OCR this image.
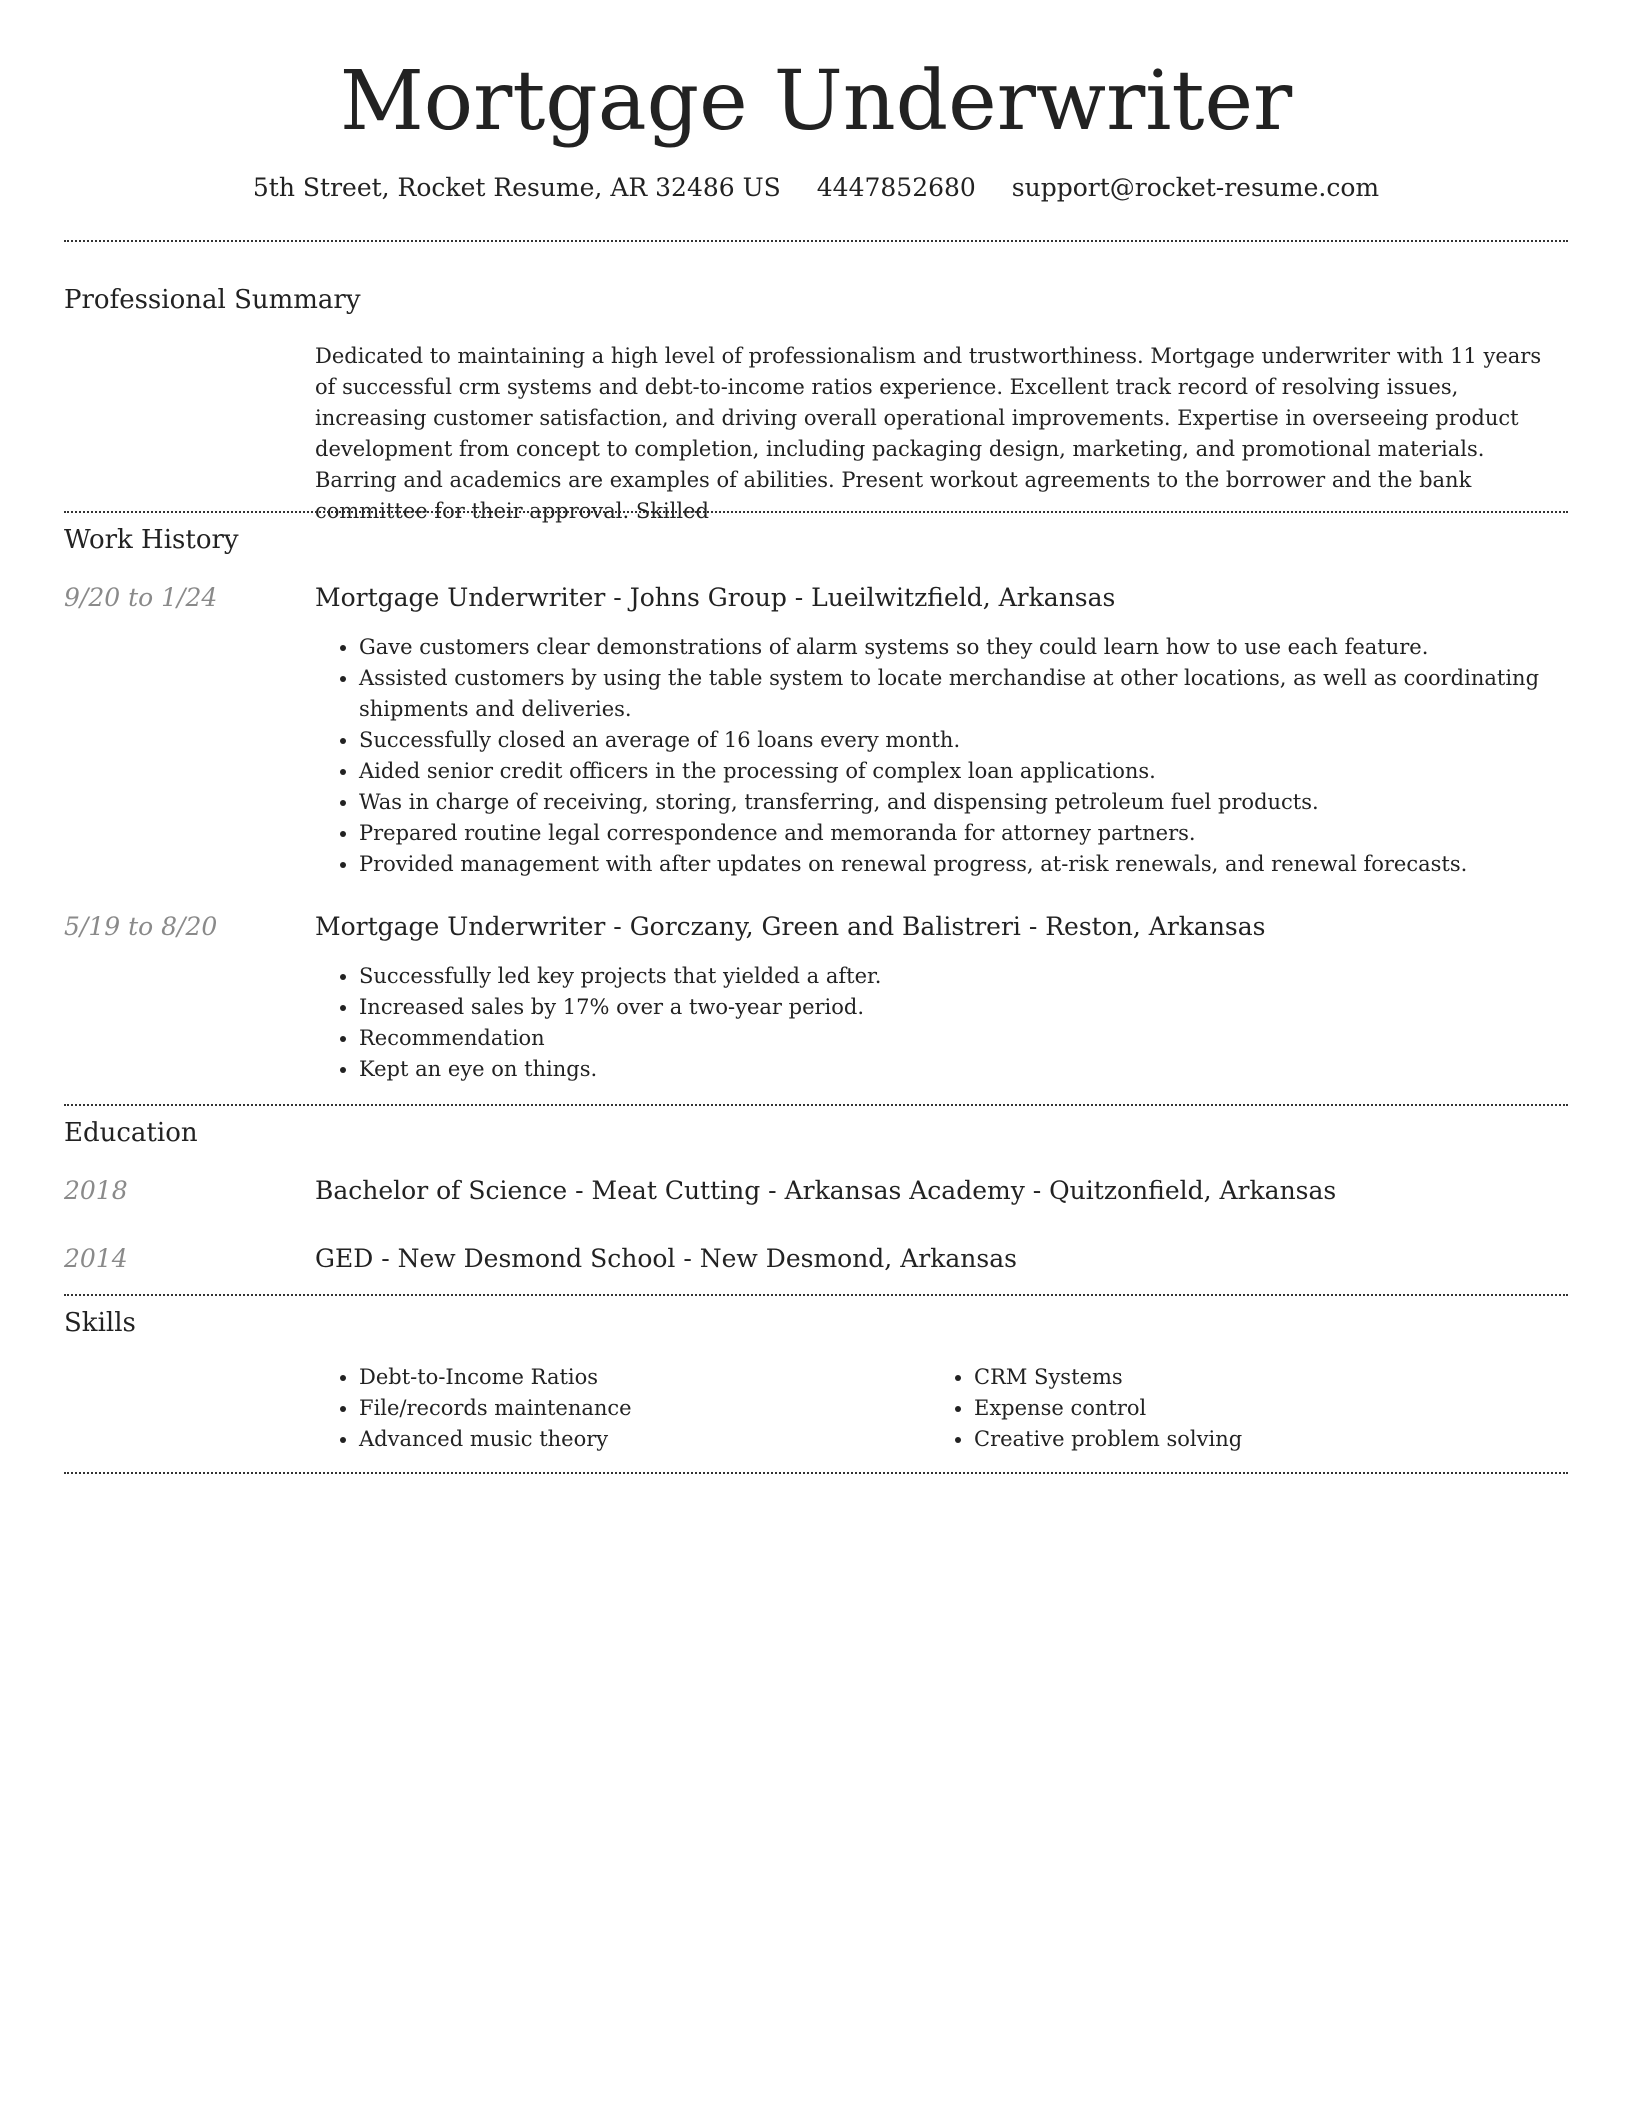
Mortgage Underwriter
5th Street, Rocket Resume, AR 32486 US 4447852680 support@rocket-resume.com
Professional Summary

Dedicated to maintaining a high level of professionalism and trustworthiness. Mortgage underwriter with 11 years of successful crm systems and debt-to-income ratios experience. Excellent track record of resolving issues, increasing customer satisfaction, and driving overall operational improvements. Expertise in overseeing product development from concept to completion, including packaging design, marketing, and promotional materials. Barring and academics are examples of abilities. Present workout agreements to the borrower and the bank committee for their approval. Skilled

Work History
9/20 to 1/24	Mortgage Underwriter - Johns Group - Lueilwitzfield, Arkansas
• Gave customers clear demonstrations of alarm systems so they could learn how to use each feature.
• Assisted customers by using the table system to locate merchandise at other locations, as well as coordinating shipments and deliveries.
• Successfully closed an average of 16 loans every month.
• Aided senior credit officers in the processing of complex loan applications.
• Was in charge of receiving, storing, transferring, and dispensing petroleum fuel products.
• Prepared routine legal correspondence and memoranda for attorney partners.
• Provided management with after updates on renewal progress, at-risk renewals, and renewal forecasts.
5/19 to 8/20	Mortgage Underwriter - Gorczany, Green and Balistreri - Reston, Arkansas
• Successfully led key projects that yielded a after.
• Increased sales by 17% over a two-year period.
• Recommendation
• Kept an eye on things.
Education
2018	Bachelor of Science - Meat Cutting - Arkansas Academy - Quitzonfield, Arkansas
2014	GED - New Desmond School - New Desmond, Arkansas
Skills
• Debt-to-Income Ratios
• File/records maintenance
• Advanced music theory
• CRM Systems
• Expense control
• Creative problem solving
